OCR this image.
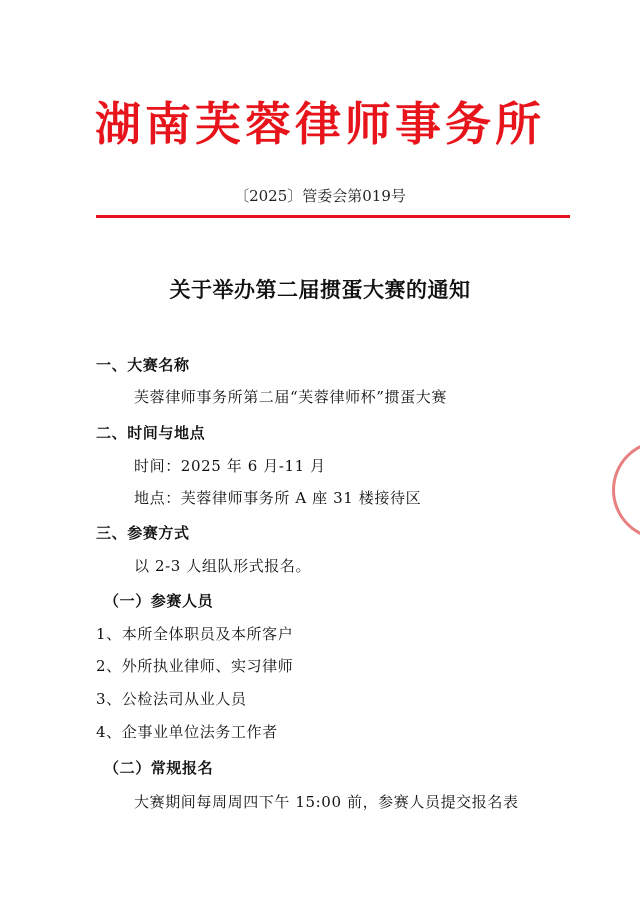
湖南芙蓉律师事务所
〔2025〕管委会第019号
关于举办第二届掼蛋大赛的通知
一、大赛名称
芙蓉律师事务所第二届“芙蓉律师杯”掼蛋大赛
二、时间与地点
时间：2025 年 6 月-11 月
地点：芙蓉律师事务所 A 座 31 楼接待区
三、参赛方式
以 2-3 人组队形式报名。
（一）参赛人员
1、本所全体职员及本所客户
2、外所执业律师、实习律师
3、公检法司从业人员
4、企事业单位法务工作者
（二）常规报名
大赛期间每周周四下午 15:00 前，参赛人员提交报名表
